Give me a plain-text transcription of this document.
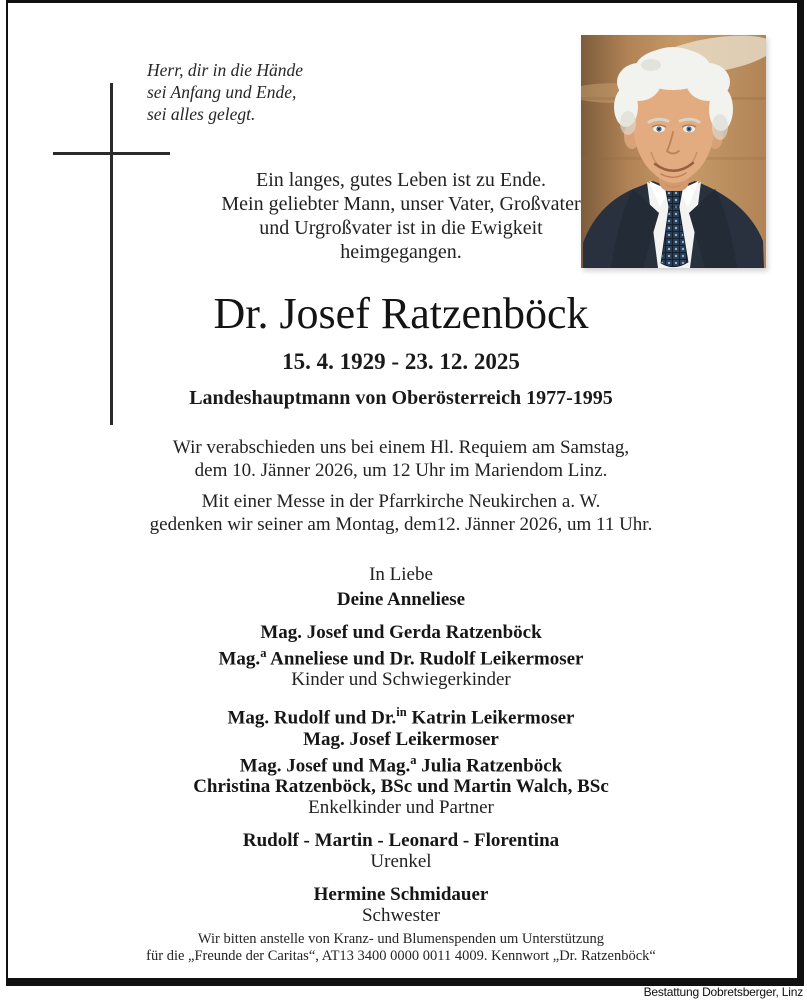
Herr, dir in die Hände
sei Anfang und Ende,
sei alles gelegt.
Ein langes, gutes Leben ist zu Ende.
Mein geliebter Mann, unser Vater, Großvater
und Urgroßvater ist in die Ewigkeit
heimgegangen.
Dr. Josef Ratzenböck
15. 4. 1929 - 23. 12. 2025
Landeshauptmann von Oberösterreich 1977-1995
Wir verabschieden uns bei einem Hl. Requiem am Samstag,
dem 10. Jänner 2026, um 12 Uhr im Mariendom Linz.
Mit einer Messe in der Pfarrkirche Neukirchen a. W.
gedenken wir seiner am Montag, dem12. Jänner 2026, um 11 Uhr.
In Liebe
Deine Anneliese
Mag. Josef und Gerda Ratzenböck
Mag.$^a$ Anneliese und Dr. Rudolf Leikermoser
Kinder und Schwiegerkinder
Mag. Rudolf und Dr.$^{in}$ Katrin Leikermoser
Mag. Josef Leikermoser
Mag. Josef und Mag.$^a$ Julia Ratzenböck
Christina Ratzenböck, BSc und Martin Walch, BSc
Enkelkinder und Partner
Rudolf - Martin - Leonard - Florentina
Urenkel
Hermine Schmidauer
Schwester
Wir bitten anstelle von Kranz- und Blumenspenden um Unterstützung
für die „Freunde der Caritas“, AT13 3400 0000 0011 4009. Kennwort „Dr. Ratzenböck“
Bestattung Dobretsberger, Linz
